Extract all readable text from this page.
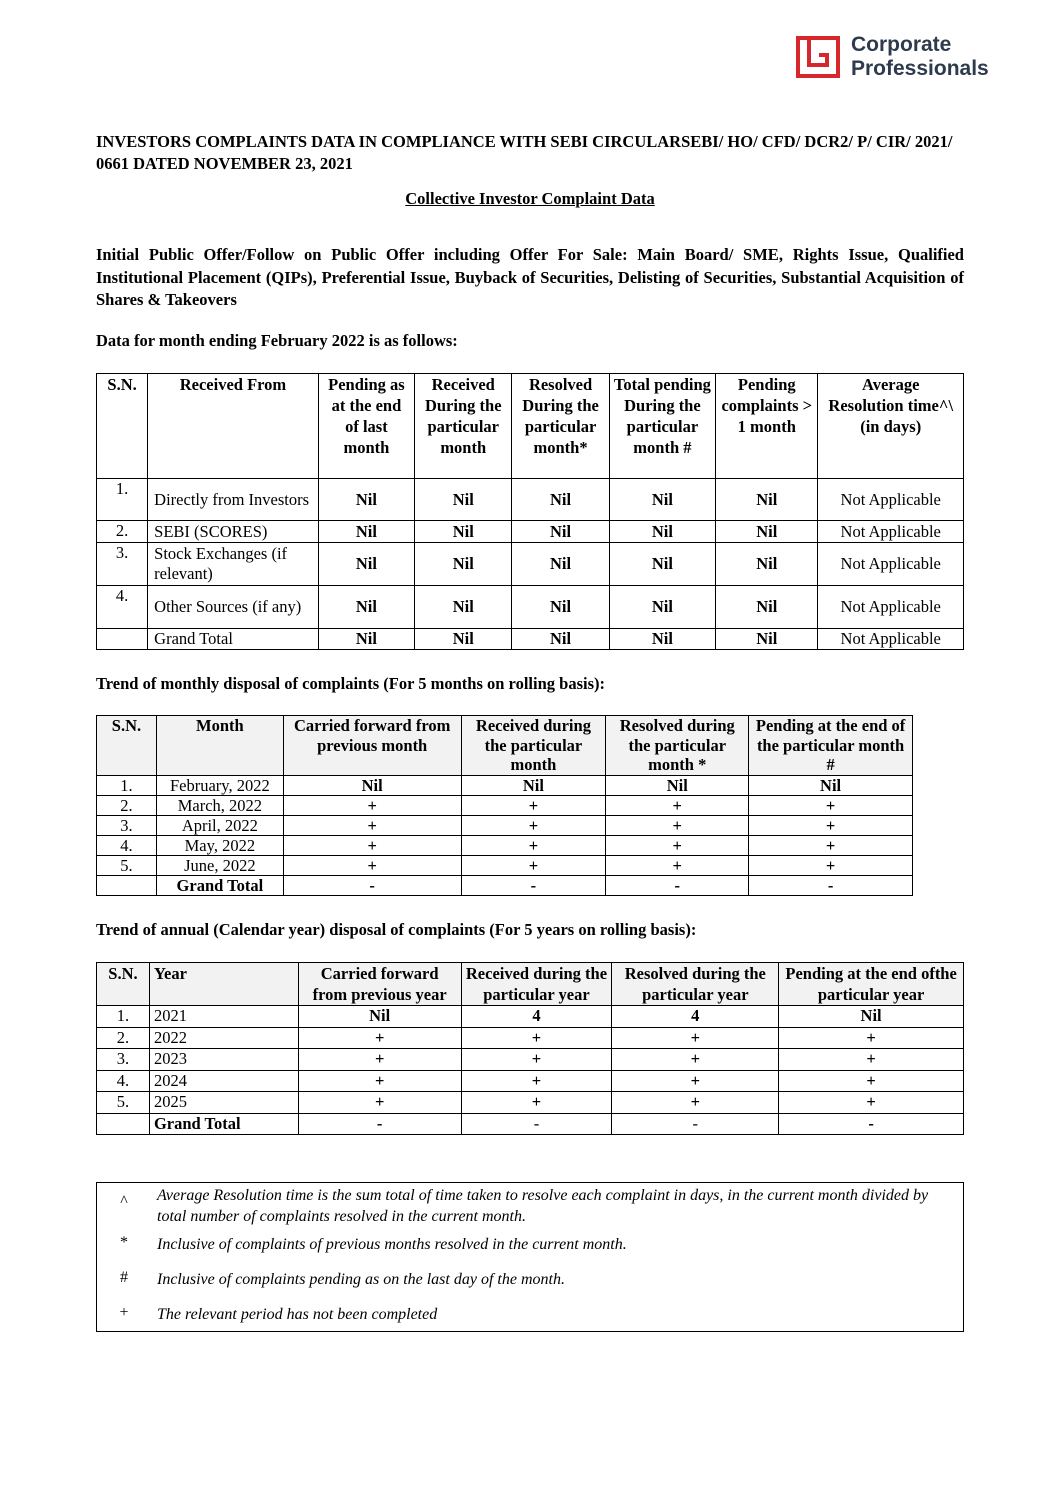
Corporate
Professionals
INVESTORS COMPLAINTS DATA IN COMPLIANCE WITH SEBI CIRCULARSEBI/ HO/ CFD/ DCR2/ P/ CIR/ 2021/ 0661 DATED NOVEMBER 23, 2021
Collective Investor Complaint Data
Initial Public Offer/Follow on Public Offer including Offer For Sale: Main Board/ SME, Rights Issue, Qualified Institutional Placement (QIPs), Preferential Issue, Buyback of Securities, Delisting of Securities, Substantial Acquisition of Shares & Takeovers
Data for month ending February 2022 is as follows:
S.N.	Received From	Pending as at the end of last month	Received During the particular month	Resolved During the particular month*	Total pending During the particular month #	Pending complaints > 1 month	Average Resolution time^\ (in days)
1.	Directly from Investors	Nil	Nil	Nil	Nil	Nil	Not Applicable
2.	SEBI (SCORES)	Nil	Nil	Nil	Nil	Nil	Not Applicable
3.	Stock Exchanges (if relevant)	Nil	Nil	Nil	Nil	Nil	Not Applicable
4.	Other Sources (if any)	Nil	Nil	Nil	Nil	Nil	Not Applicable
	Grand Total	Nil	Nil	Nil	Nil	Nil	Not Applicable
Trend of monthly disposal of complaints (For 5 months on rolling basis):
S.N.	Month	Carried forward from previous month	Received during the particular month	Resolved during the particular month *	Pending at the end of the particular month #
1.	February, 2022	Nil	Nil	Nil	Nil
2.	March, 2022	+	+	+	+
3.	April, 2022	+	+	+	+
4.	May, 2022	+	+	+	+
5.	June, 2022	+	+	+	+
	Grand Total	-	-	-	-
Trend of annual (Calendar year) disposal of complaints (For 5 years on rolling basis):
S.N.	Year	Carried forward from previous year	Received during the particular year	Resolved during the particular year	Pending at the end ofthe particular year
1.	2021	Nil	4	4	Nil
2.	2022	+	+	+	+
3.	2023	+	+	+	+
4.	2024	+	+	+	+
5.	2025	+	+	+	+
	Grand Total	-	-	-	-
^ Average Resolution time is the sum total of time taken to resolve each complaint in days, in the current month divided by total number of complaints resolved in the current month.
* Inclusive of complaints of previous months resolved in the current month.
# Inclusive of complaints pending as on the last day of the month.
+ The relevant period has not been completed
